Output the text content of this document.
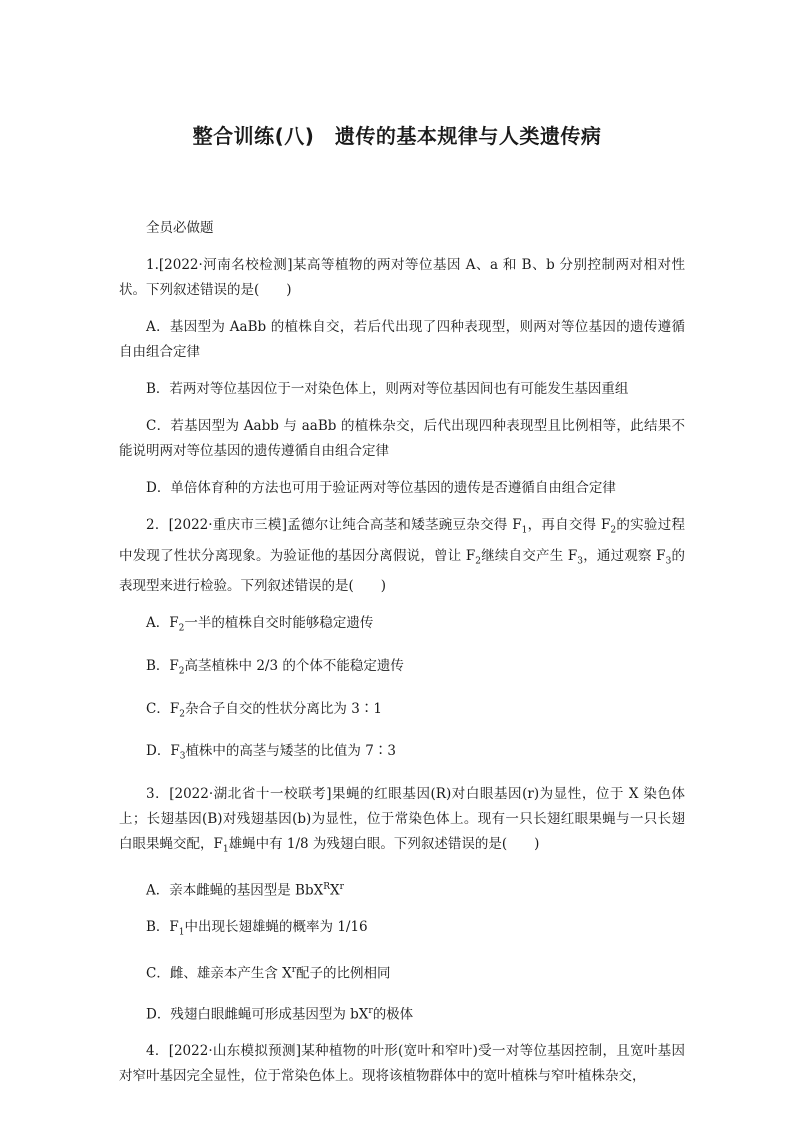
整合训练(八)　遗传的基本规律与人类遗传病
全员必做题

1.[2022·河南名校检测]某高等植物的两对等位基因 A、a 和 B、b 分别控制两对相对性状。下列叙述错误的是(　　)

A．基因型为 AaBb 的植株自交，若后代出现了四种表现型，则两对等位基因的遗传遵循自由组合定律

B．若两对等位基因位于一对染色体上，则两对等位基因间也有可能发生基因重组

C．若基因型为 Aabb 与 aaBb 的植株杂交，后代出现四种表现型且比例相等，此结果不能说明两对等位基因的遗传遵循自由组合定律

D．单倍体育种的方法也可用于验证两对等位基因的遗传是否遵循自由组合定律

2．[2022·重庆市三模]孟德尔让纯合高茎和矮茎豌豆杂交得 $F_1$，再自交得 $F_2$的实验过程中发现了性状分离现象。为验证他的基因分离假说，曾让 $F_2$继续自交产生 $F_3$，通过观察 $F_3$的表现型来进行检验。下列叙述错误的是(　　)

A．$F_2$一半的植株自交时能够稳定遗传

B．$F_2$高茎植株中 2/3 的个体不能稳定遗传

C．$F_2$杂合子自交的性状分离比为 3∶1

D．$F_3$植株中的高茎与矮茎的比值为 7∶3

3．[2022·湖北省十一校联考]果蝇的红眼基因(R)对白眼基因(r)为显性，位于 X 染色体上；长翅基因(B)对残翅基因(b)为显性，位于常染色体上。现有一只长翅红眼果蝇与一只长翅白眼果蝇交配，$F_1$雄蝇中有 1/8 为残翅白眼。下列叙述错误的是(　　)

A．亲本雌蝇的基因型是 $BbX^RX^r$

B．$F_1$中出现长翅雄蝇的概率为 1/16

C．雌、雄亲本产生含 $X^r$配子的比例相同

D．残翅白眼雌蝇可形成基因型为 $bX^r$的极体

4．[2022·山东模拟预测]某种植物的叶形(宽叶和窄叶)受一对等位基因控制，且宽叶基因对窄叶基因完全显性，位于常染色体上。现将该植物群体中的宽叶植株与窄叶植株杂交，
